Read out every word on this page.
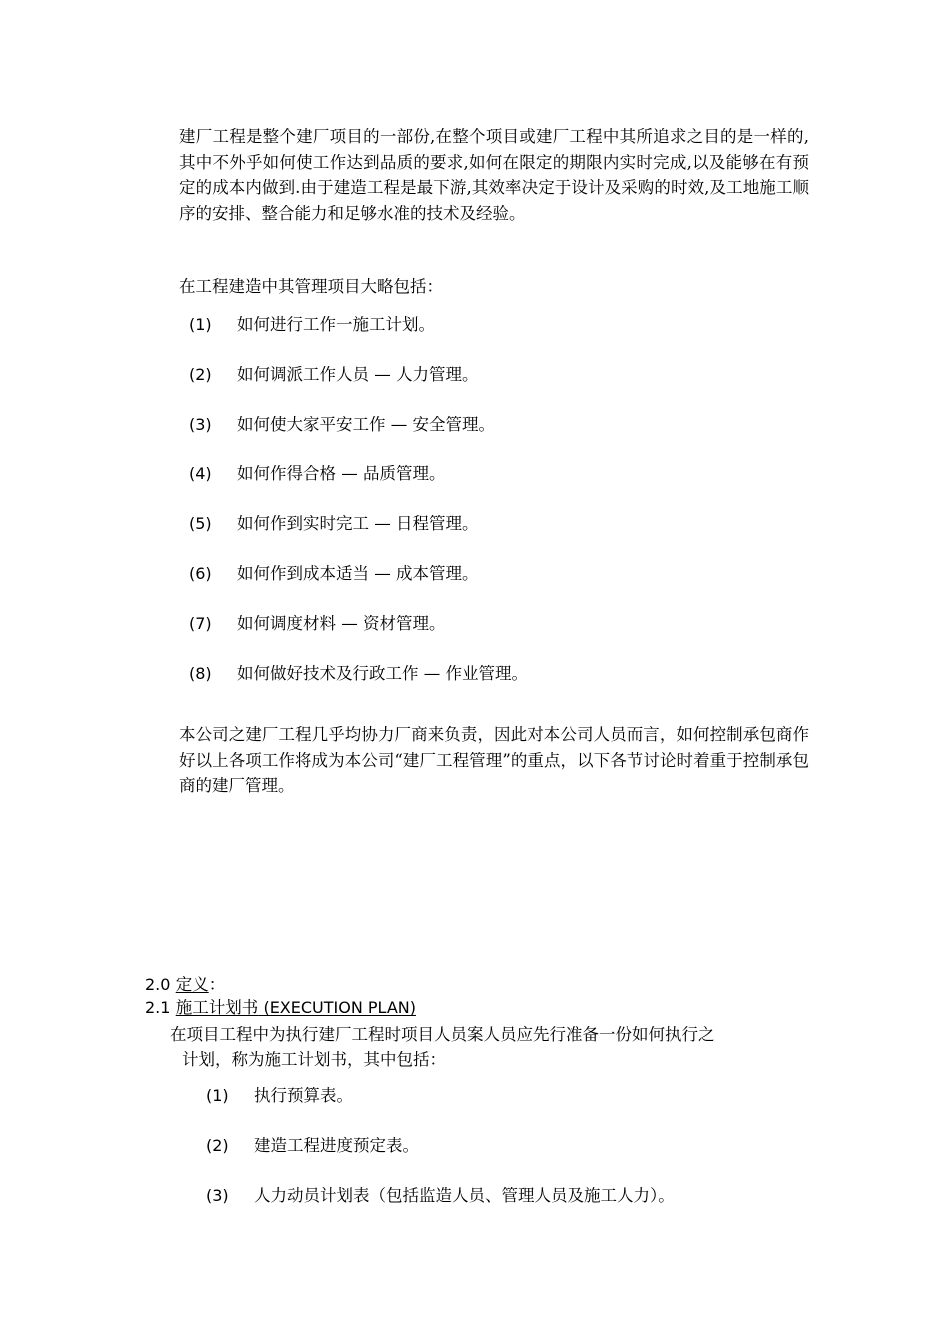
建厂工程是整个建厂项目的一部份,在整个项目或建厂工程中其所追求之目的是一样的,其中不外乎如何使工作达到品质的要求,如何在限定的期限内实时完成,以及能够在有预定的成本内做到.由于建造工程是最下游,其效率决定于设计及采购的时效,及工地施工顺序的安排、整合能力和足够水准的技术及经验。

在工程建造中其管理项目大略包括：

(1) 如何进行工作一施工计划。
(2) 如何调派工作人员 — 人力管理。
(3) 如何使大家平安工作 — 安全管理。
(4) 如何作得合格 — 品质管理。
(5) 如何作到实时完工 — 日程管理。
(6) 如何作到成本适当 — 成本管理。
(7) 如何调度材料 — 资材管理。
(8) 如何做好技术及行政工作 — 作业管理。

本公司之建厂工程几乎均协力厂商来负责，因此对本公司人员而言，如何控制承包商作好以上各项工作将成为本公司“建厂工程管理”的重点，以下各节讨论时着重于控制承包商的建厂管理。

2.0 定义：
2.1 施工计划书 (EXECUTION PLAN)

在项目工程中为执行建厂工程时项目人员案人员应先行准备一份如何执行之
计划，称为施工计划书，其中包括：

(1) 执行预算表。
(2) 建造工程进度预定表。
(3) 人力动员计划表（包括监造人员、管理人员及施工人力）。
